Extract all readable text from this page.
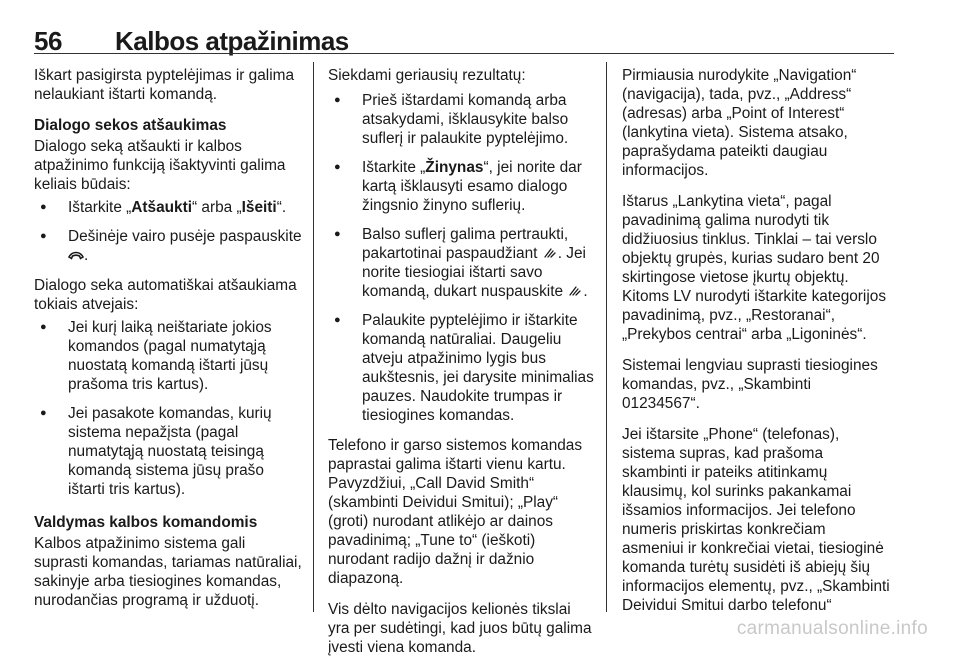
56 Kalbos atpažinimas

Iškart pasigirsta pyptelėjimas ir galima nelaukiant ištarti komandą.

Dialogo sekos atšaukimas

Dialogo seką atšaukti ir kalbos atpažinimo funkciją išaktyvinti galima keliais būdais:

● Ištarkite „Atšaukti“ arba „Išeiti“.
● Dešinėje vairo pusėje paspauskite
.

Dialogo seka automatiškai atšaukiama tokiais atvejais:

● Jei kurį laiką neištariate jokios komandos (pagal numatytąją nuostatą komandą ištarti jūsų prašoma tris kartus).
● Jei pasakote komandas, kurių sistema nepažįsta (pagal numatytąją nuostatą teisingą komandą sistema jūsų prašo ištarti tris kartus).

Valdymas kalbos komandomis

Kalbos atpažinimo sistema gali suprasti komandas, tariamas natūraliai, sakinyje arba tiesiogines komandas, nurodančias programą ir užduotį.

Siekdami geriausių rezultatų:

● Prieš ištardami komandą arba atsakydami, išklausykite balso suflerį ir palaukite pyptelėjimo.
● Ištarkite „Žinynas“, jei norite dar kartą išklausyti esamo dialogo žingsnio žinyno suflerių.
● Balso suflerį galima pertraukti, pakartotinai paspaudžiant . Jei norite tiesiogiai ištarti savo komandą, dukart nuspauskite .
● Palaukite pyptelėjimo ir ištarkite komandą natūraliai. Daugeliu atveju atpažinimo lygis bus aukštesnis, jei darysite minimalias pauzes. Naudokite trumpas ir tiesiogines komandas.

Telefono ir garso sistemos komandas paprastai galima ištarti vienu kartu. Pavyzdžiui, „Call David Smith“ (skambinti Deividui Smitui); „Play“ (groti) nurodant atlikėjo ar dainos pavadinimą; „Tune to“ (ieškoti) nurodant radijo dažnį ir dažnio diapazoną.

Vis dėlto navigacijos kelionės tikslai yra per sudėtingi, kad juos būtų galima įvesti viena komanda.

Pirmiausia nurodykite „Navigation“ (navigacija), tada, pvz., „Address“ (adresas) arba „Point of Interest“ (lankytina vieta). Sistema atsako, paprašydama pateikti daugiau informacijos.

Ištarus „Lankytina vieta“, pagal pavadinimą galima nurodyti tik didžiuosius tinklus. Tinklai – tai verslo objektų grupės, kurias sudaro bent 20 skirtingose vietose įkurtų objektų. Kitoms LV nurodyti ištarkite kategorijos pavadinimą, pvz., „Restoranai“, „Prekybos centrai“ arba „Ligoninės“.

Sistemai lengviau suprasti tiesiogines komandas, pvz., „Skambinti 01234567“.

Jei ištarsite „Phone“ (telefonas), sistema supras, kad prašoma skambinti ir pateiks atitinkamų klausimų, kol surinks pakankamai išsamios informacijos. Jei telefono numeris priskirtas konkrečiam asmeniui ir konkrečiai vietai, tiesioginė komanda turėtų susidėti iš abiejų šių informacijos elementų, pvz., „Skambinti Deividui Smitui darbo telefonu“

carmanualsonline.info
